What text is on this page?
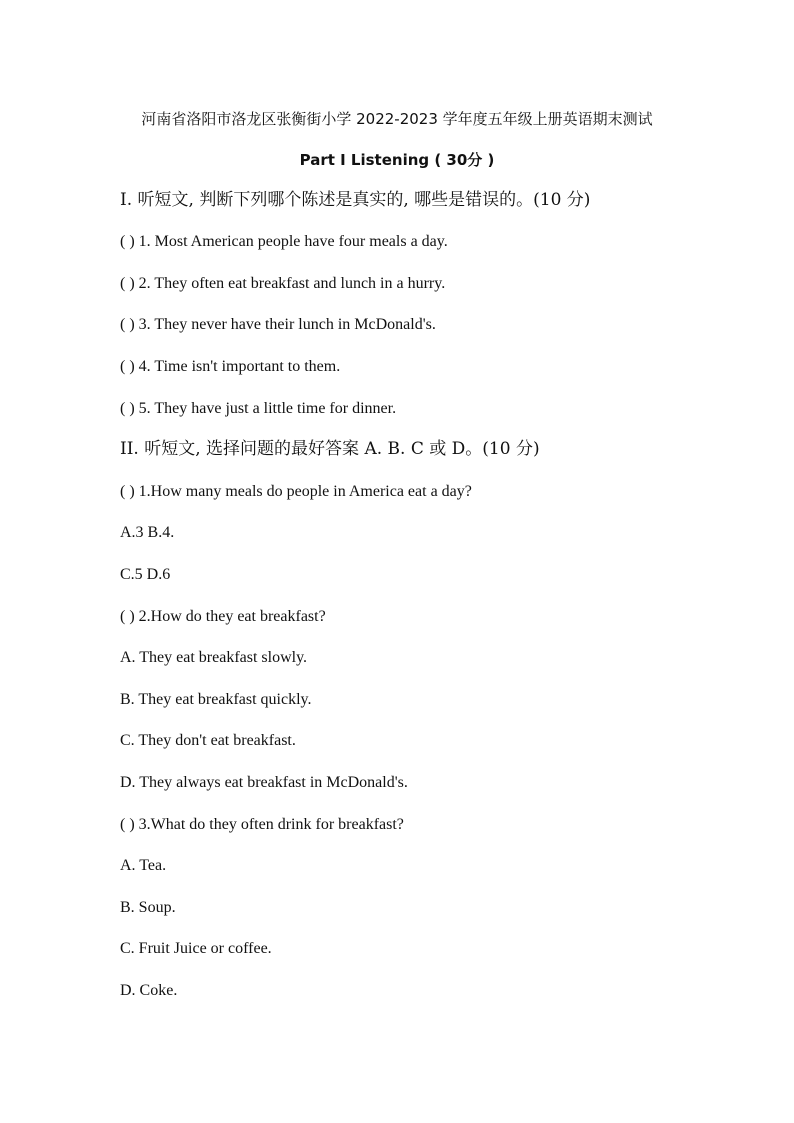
河南省洛阳市洛龙区张衡街小学 2022-2023 学年度五年级上册英语期末测试
Part I Listening ( 30分 )
I. 听短文, 判断下列哪个陈述是真实的, 哪些是错误的。(10 分)
( ) 1. Most American people have four meals a day.
( ) 2. They often eat breakfast and lunch in a hurry.
( ) 3. They never have their lunch in McDonald's.
( ) 4. Time isn't important to them.
( ) 5. They have just a little time for dinner.
II. 听短文, 选择问题的最好答案 A. B. C 或 D。(10 分)
( ) 1.How many meals do people in America eat a day?
A.3 B.4.
C.5 D.6
( ) 2.How do they eat breakfast?
A. They eat breakfast slowly.
B. They eat breakfast quickly.
C. They don't eat breakfast.
D. They always eat breakfast in McDonald's.
( ) 3.What do they often drink for breakfast?
A. Tea.
B. Soup.
C. Fruit Juice or coffee.
D. Coke.
